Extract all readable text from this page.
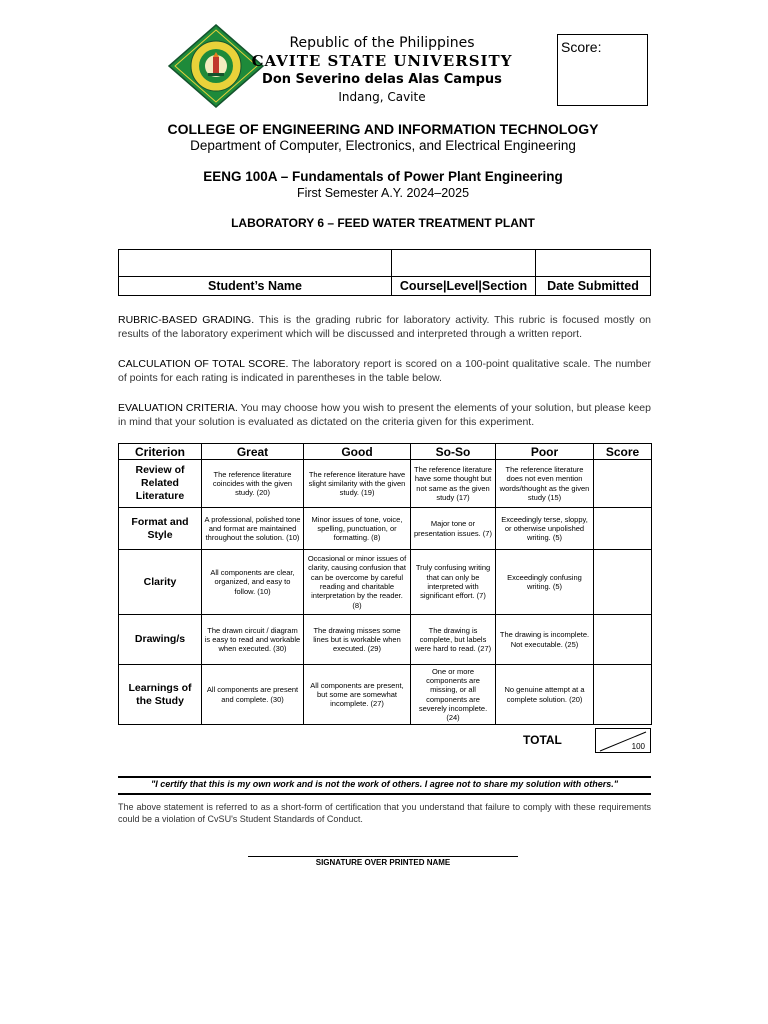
Republic of the Philippines
CAVITE STATE UNIVERSITY
Don Severino delas Alas Campus
Indang, Cavite
Score:
COLLEGE OF ENGINEERING AND INFORMATION TECHNOLOGY
Department of Computer, Electronics, and Electrical Engineering
EENG 100A – Fundamentals of Power Plant Engineering
First Semester A.Y. 2024–2025
LABORATORY 6 – FEED WATER TREATMENT PLANT
Student’s Name	Course|Level|Section	Date Submitted
RUBRIC-BASED GRADING. This is the grading rubric for laboratory activity. This rubric is focused mostly on results of the laboratory experiment which will be discussed and interpreted through a written report.
CALCULATION OF TOTAL SCORE. The laboratory report is scored on a 100-point qualitative scale. The number of points for each rating is indicated in parentheses in the table below.
EVALUATION CRITERIA. You may choose how you wish to present the elements of your solution, but please keep in mind that your solution is evaluated as dictated on the criteria given for this experiment.
Criterion	Great	Good	So-So	Poor	Score
Review of Related Literature	The reference literature coincides with the given study. (20)	The reference literature have slight similarity with the given study. (19)	The reference literature have some thought but not same as the given study (17)	The reference literature does not even mention words/thought as the given study (15)	
Format and Style	A professional, polished tone and format are maintained throughout the solution. (10)	Minor issues of tone, voice, spelling, punctuation, or formatting. (8)	Major tone or presentation issues. (7)	Exceedingly terse, sloppy, or otherwise unpolished writing. (5)	
Clarity	All components are clear, organized, and easy to follow. (10)	Occasional or minor issues of clarity, causing confusion that can be overcome by careful reading and charitable interpretation by the reader. (8)	Truly confusing writing that can only be interpreted with significant effort. (7)	Exceedingly confusing writing. (5)	
Drawing/s	The drawn circuit / diagram is easy to read and workable when executed. (30)	The drawing misses some lines but is workable when executed. (29)	The drawing is complete, but labels were hard to read. (27)	The drawing is incomplete. Not executable. (25)	
Learnings of the Study	All components are present and complete. (30)	All components are present, but some are somewhat incomplete. (27)	One or more components are missing, or all components are severely incomplete. (24)	No genuine attempt at a complete solution. (20)	
TOTAL	100
"I certify that this is my own work and is not the work of others. I agree not to share my solution with others."
The above statement is referred to as a short-form of certification that you understand that failure to comply with these requirements could be a violation of CvSU's Student Standards of Conduct.
SIGNATURE OVER PRINTED NAME
